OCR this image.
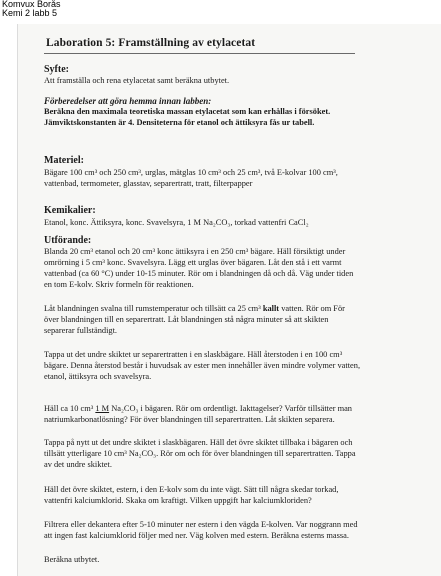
Komvux Borås
Kemi 2 labb 5
Laboration 5: Framställning av etylacetat
Syfte:
Att framställa och rena etylacetat samt beräkna utbytet.
Förberedelser att göra hemma innan labben:
Beräkna den maximala teoretiska massan etylacetat som kan erhållas i försöket.
Jämviktskonstanten är 4. Densiteterna för etanol och ättiksyra fås ur tabell.
Materiel:
Bägare 100 cm³ och 250 cm³, urglas, mätglas 10 cm³ och 25 cm³, två E-kolvar 100 cm³,
vattenbad, termometer, glasstav, separertratt, tratt, filterpapper
Kemikalier:
Etanol, konc. Ättiksyra, konc. Svavelsyra, 1 M Na₂CO₃, torkad vattenfri CaCl₂
Utförande:
Blanda 20 cm³ etanol och 20 cm³ konc ättiksyra i en 250 cm³ bägare. Häll försiktigt under
omrörning i 5 cm³ konc. Svavelsyra. Lägg ett urglas över bägaren. Låt den stå i ett varmt
vattenbad (ca 60 °C) under 10-15 minuter. Rör om i blandningen då och då. Väg under tiden
en tom E-kolv. Skriv formeln för reaktionen.
Låt blandningen svalna till rumstemperatur och tillsätt ca 25 cm³ kallt vatten. Rör om För
över blandningen till en separertratt. Låt blandningen stå några minuter så att skikten
separerar fullständigt.
Tappa ut det undre skiktet ur separertratten i en slaskbägare. Häll återstoden i en 100 cm³
bägare. Denna återstod består i huvudsak av ester men innehåller även mindre volymer vatten,
etanol, ättiksyra och svavelsyra.
Häll ca 10 cm³ 1 M Na₂CO₃ i bägaren. Rör om ordentligt. Iakttagelser? Varför tillsätter man
natriumkarbonatlösning? För över blandningen till separertratten. Låt skikten separera.
Tappa på nytt ut det undre skiktet i slaskbägaren. Häll det övre skiktet tillbaka i bägaren och
tillsätt ytterligare 10 cm³ Na₂CO₃. Rör om och för över blandningen till separertratten. Tappa
av det undre skiktet.
Häll det övre skiktet, estern, i den E-kolv som du inte vägt. Sätt till några skedar torkad,
vattenfri kalciumklorid. Skaka om kraftigt. Vilken uppgift har kalciumkloriden?
Filtrera eller dekantera efter 5-10 minuter ner estern i den vägda E-kolven. Var noggrann med
att ingen fast kalciumklorid följer med ner. Väg kolven med estern. Beräkna esterns massa.
Beräkna utbytet.
